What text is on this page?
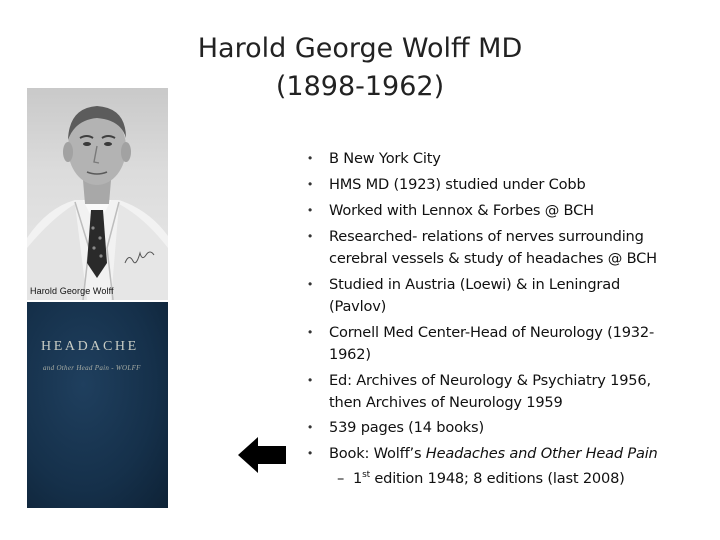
Harold George Wolff MD
(1898-1962)
Harold George Wolff
HEADACHE
and Other Head Pain - WOLFF
• B New York City
• HMS MD (1923) studied under Cobb
• Worked with Lennox & Forbes @ BCH
• Researched- relations of nerves surrounding
cerebral vessels & study of headaches @ BCH
• Studied in Austria (Loewi) & in Leningrad
(Pavlov)
• Cornell Med Center-Head of Neurology (1932-
1962)
• Ed: Archives of Neurology & Psychiatry 1956,
then Archives of Neurology 1959
• 539 pages (14 books)
• Book: Wolff’s Headaches and Other Head Pain
– 1st edition 1948; 8 editions (last 2008)
